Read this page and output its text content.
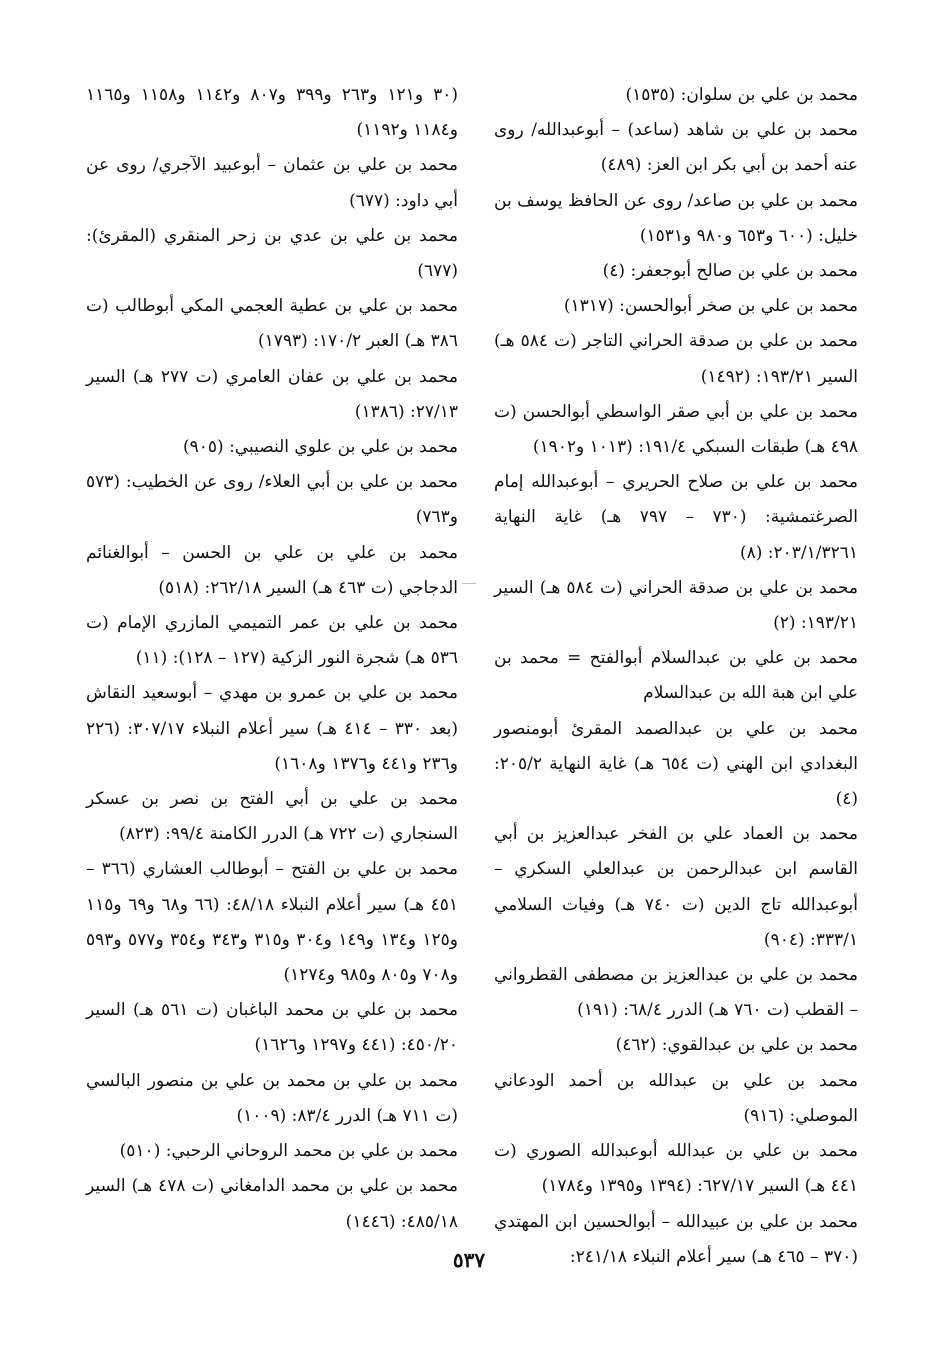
محمد بن علي بن سلوان: (١٥٣٥)

محمد بن علي بن شاهد (ساعد) – أبوعبدالله/ روى عنه أحمد بن أبي بكر ابن العز: (٤٨٩)

محمد بن علي بن صاعد/ روى عن الحافظ يوسف بن خليل: (٦٠٠ و٦٥٣ و٩٨٠ و١٥٣١)

محمد بن علي بن صالح أبوجعفر: (٤)

محمد بن علي بن صخر أبوالحسن: (١٣١٧)

محمد بن علي بن صدقة الحراني التاجر (ت ٥٨٤ هـ) السير ١٩٣/٢١: (١٤٩٢)

محمد بن علي بن أبي صقر الواسطي أبوالحسن (ت ٤٩٨ هـ) طبقات السبكي ١٩١/٤: (١٠١٣ و١٩٠٢)

محمد بن علي بن صلاح الحريري – أبوعبدالله إمام الصرغتمشية: (٧٣٠ – ٧٩٧ هـ) غاية النهاية ٢٠٣/١/٣٢٦١: (٨)

محمد بن علي بن صدقة الحراني (ت ٥٨٤ هـ) السير ١٩٣/٢١: (٢)

محمد بن علي بن عبدالسلام أبوالفتح = محمد بن علي ابن هبة الله بن عبدالسلام

محمد بن علي بن عبدالصمد المقرئ أبومنصور البغدادي ابن الهني (ت ٦٥٤ هـ) غاية النهاية ٢٠٥/٢: (٤)

محمد بن العماد علي بن الفخر عبدالعزيز بن أبي القاسم ابن عبدالرحمن بن عبدالعلي السكري – أبوعبدالله تاج الدين (ت ٧٤٠ هـ) وفيات السلامي ٣٣٣/١: (٩٠٤)

محمد بن علي بن عبدالعزيز بن مصطفى القطرواني – القطب (ت ٧٦٠ هـ) الدرر ٦٨/٤: (١٩١)

محمد بن علي بن عبدالقوي: (٤٦٢)

محمد بن علي بن عبدالله بن أحمد الودعاني الموصلي: (٩١٦)

محمد بن علي بن عبدالله أبوعبدالله الصوري (ت ٤٤١ هـ) السير ٦٢٧/١٧: (١٣٩٤ و١٣٩٥ و١٧٨٤)

محمد بن علي بن عبيدالله – أبوالحسين ابن المهتدي (٣٧٠ – ٤٦٥ هـ) سير أعلام النبلاء ٢٤١/١٨:

(٣٠ و١٢١ و٢٦٣ و٣٩٩ و٨٠٧ و١١٤٢ و١١٥٨ و١١٦٥ و١١٨٤ و١١٩٢)

محمد بن علي بن عثمان – أبوعبيد الآجري/ روى عن أبي داود: (٦٧٧)

محمد بن علي بن عدي بن زحر المنقري (المقرئ): (٦٧٧)

محمد بن علي بن عطية العجمي المكي أبوطالب (ت ٣٨٦ هـ) العبر ١٧٠/٢: (١٧٩٣)

محمد بن علي بن عفان العامري (ت ٢٧٧ هـ) السير ٢٧/١٣: (١٣٨٦)

محمد بن علي بن علوي النصيبي: (٩٠٥)

محمد بن علي بن أبي العلاء/ روى عن الخطيب: (٥٧٣ و٧٦٣)

محمد بن علي بن علي بن الحسن – أبوالغنائم الدجاجي (ت ٤٦٣ هـ) السير ٢٦٢/١٨: (٥١٨)

محمد بن علي بن عمر التميمي المازري الإمام (ت ٥٣٦ هـ) شجرة النور الزكية (١٢٧ – ١٢٨): (١١)

محمد بن علي بن عمرو بن مهدي – أبوسعيد النقاش (بعد ٣٣٠ – ٤١٤ هـ) سير أعلام النبلاء ٣٠٧/١٧: (٢٢٦ و٢٣٦ و٤٤١ و١٣٧٦ و١٦٠٨)

محمد بن علي بن أبي الفتح بن نصر بن عسكر السنجاري (ت ٧٢٢ هـ) الدرر الكامنة ٩٩/٤: (٨٢٣)

محمد بن علي بن الفتح – أبوطالب العشاري (٣٦٦ – ٤٥١ هـ) سير أعلام النبلاء ٤٨/١٨: (٦٦ و٦٨ و٦٩ و١١٥ و١٢٥ و١٣٤ و١٤٩ و٣٠٤ و٣١٥ و٣٤٣ و٣٥٤ و٥٧٧ و٥٩٣ و٧٠٨ و٨٠٥ و٩٨٥ و١٢٧٤)

محمد بن علي بن محمد الباغبان (ت ٥٦١ هـ) السير ٤٥٠/٢٠: (٤٤١ و١٢٩٧ و١٦٢٦)

محمد بن علي بن محمد بن علي بن منصور البالسي (ت ٧١١ هـ) الدرر ٨٣/٤: (١٠٠٩)

محمد بن علي بن محمد الروحاني الرحبي: (٥١٠)

محمد بن علي بن محمد الدامغاني (ت ٤٧٨ هـ) السير ٤٨٥/١٨: (١٤٤٦)

٥٣٧
